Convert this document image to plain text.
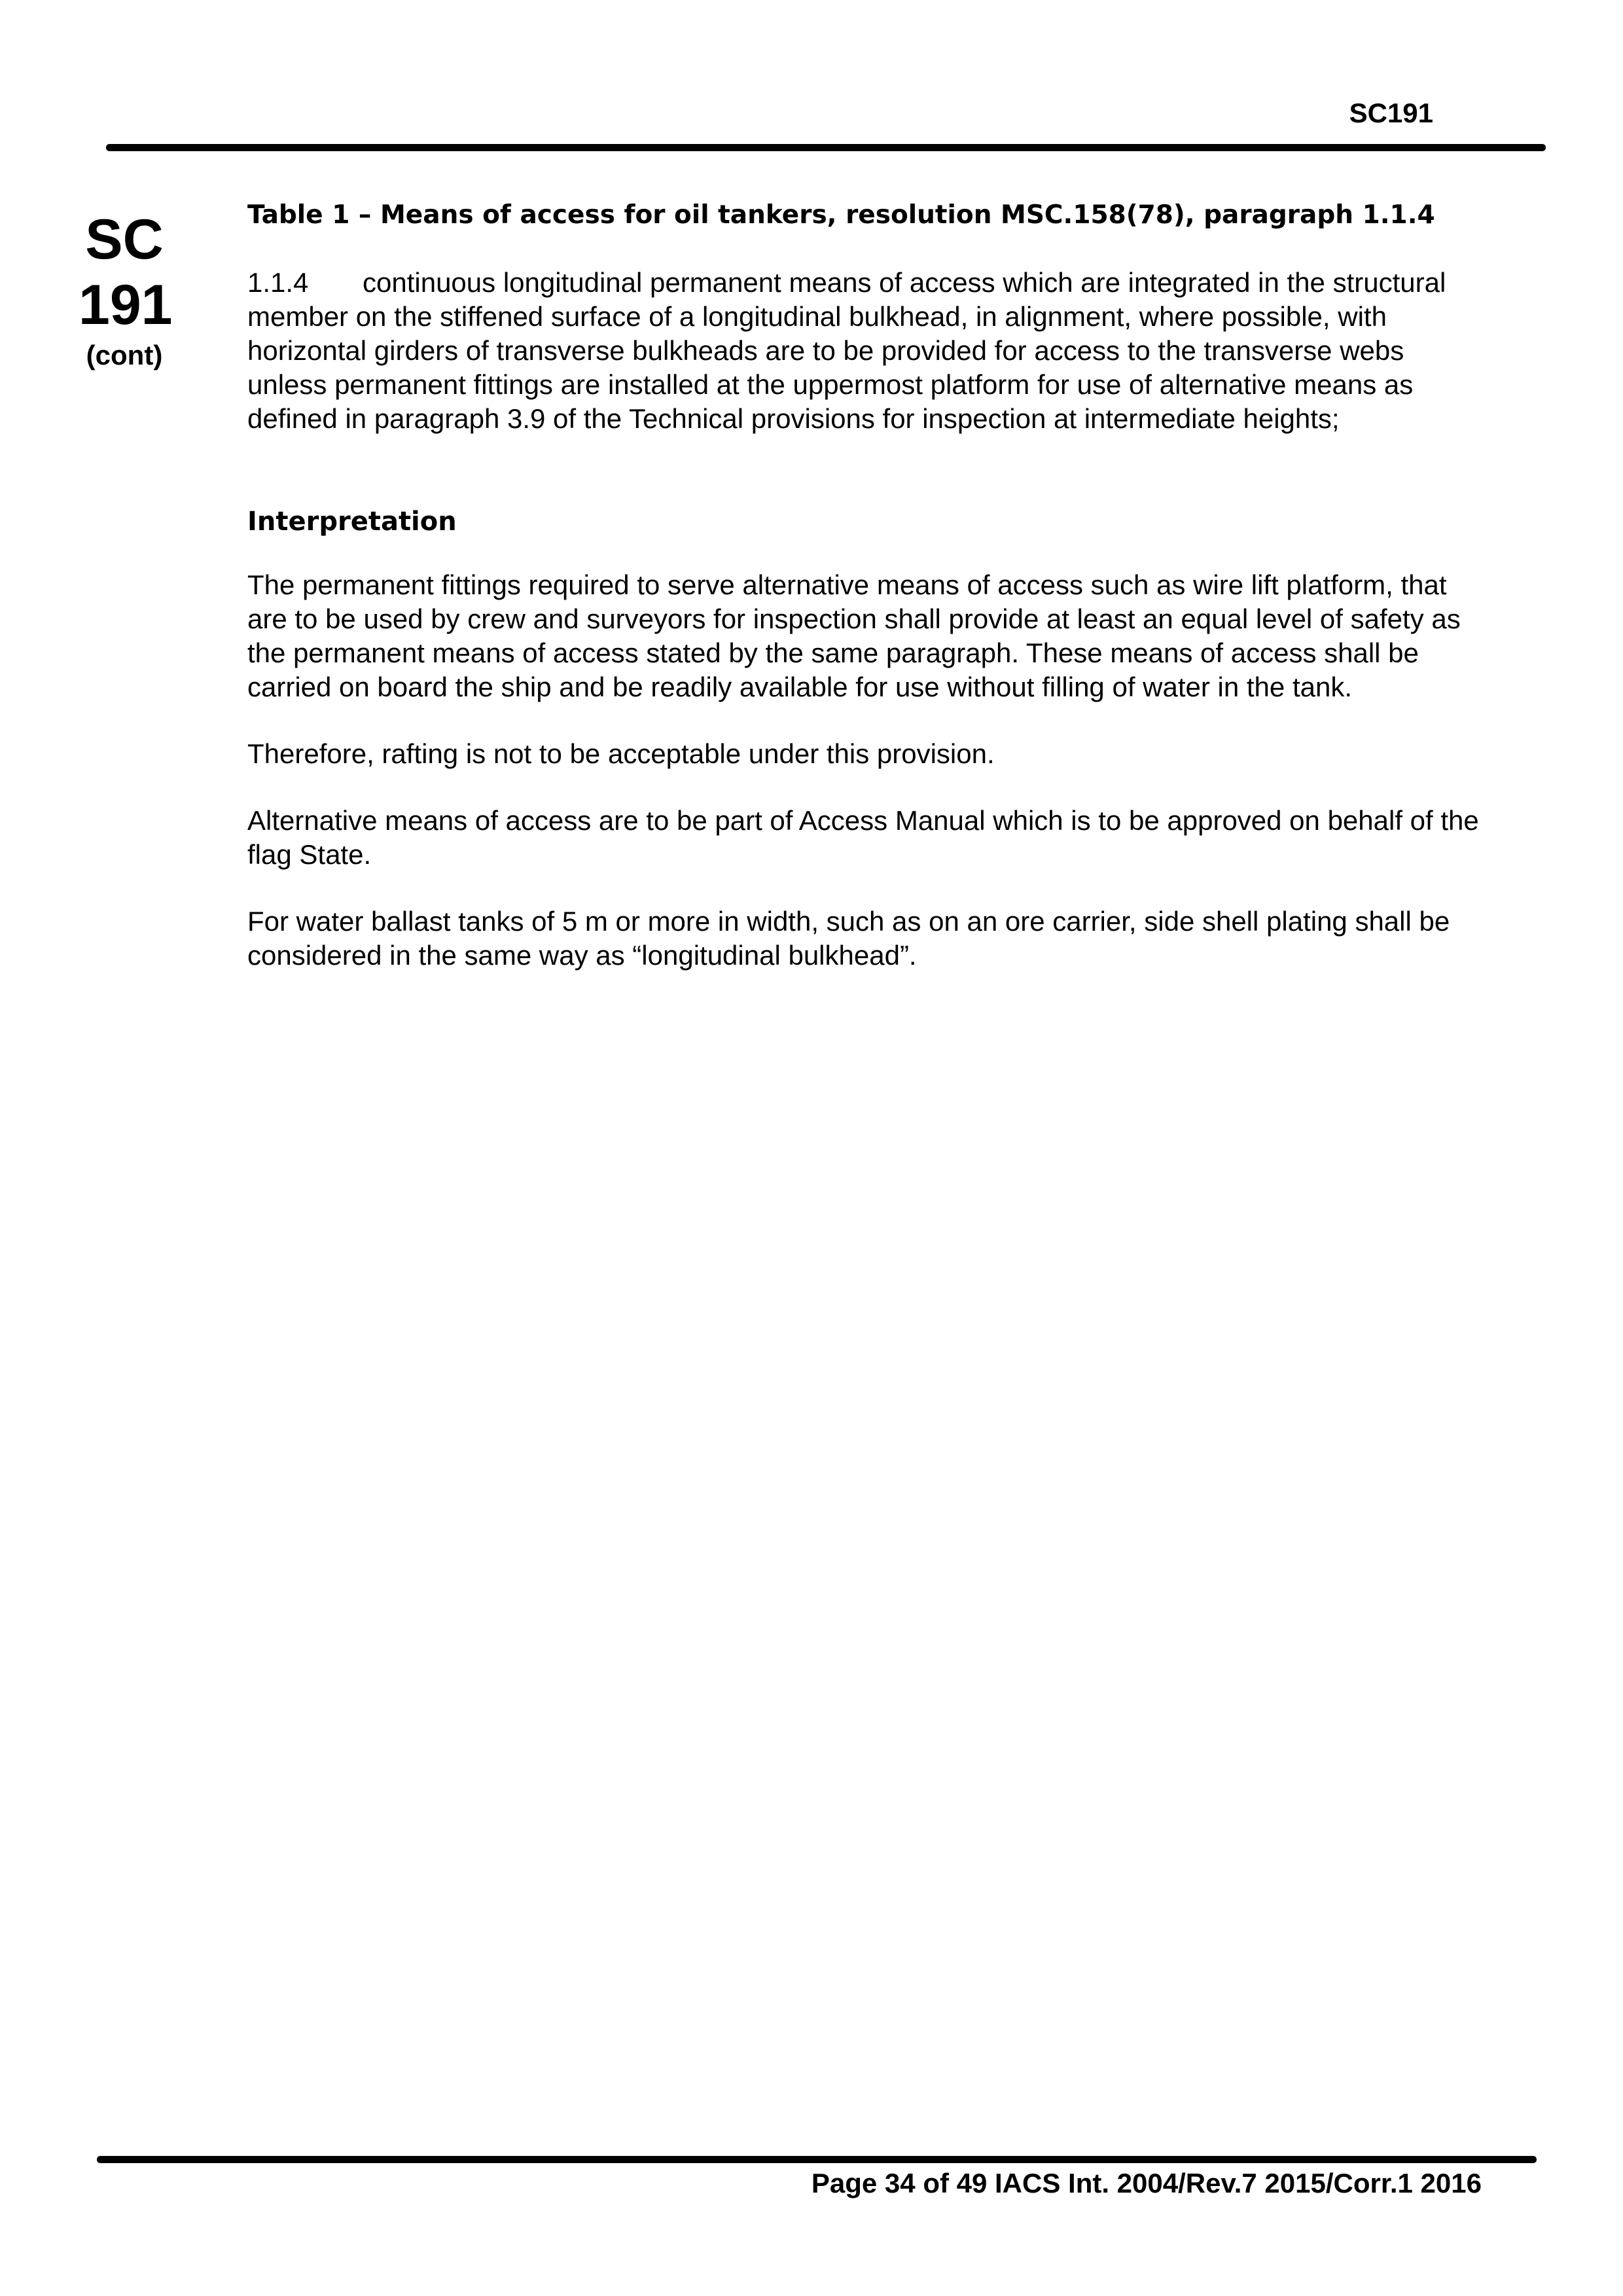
SC191
SC
191
(cont)

Table 1 – Means of access for oil tankers, resolution MSC.158(78), paragraph 1.1.4

1.1.4 continuous longitudinal permanent means of access which are integrated in the structural member on the stiffened surface of a longitudinal bulkhead, in alignment, where possible, with horizontal girders of transverse bulkheads are to be provided for access to the transverse webs unless permanent fittings are installed at the uppermost platform for use of alternative means as defined in paragraph 3.9 of the Technical provisions for inspection at intermediate heights;

Interpretation

The permanent fittings required to serve alternative means of access such as wire lift platform, that are to be used by crew and surveyors for inspection shall provide at least an equal level of safety as the permanent means of access stated by the same paragraph. These means of access shall be carried on board the ship and be readily available for use without filling of water in the tank.

Therefore, rafting is not to be acceptable under this provision.

Alternative means of access are to be part of Access Manual which is to be approved on behalf of the flag State.

For water ballast tanks of 5 m or more in width, such as on an ore carrier, side shell plating shall be considered in the same way as “longitudinal bulkhead”.

Page 34 of 49 IACS Int. 2004/Rev.7 2015/Corr.1 2016
